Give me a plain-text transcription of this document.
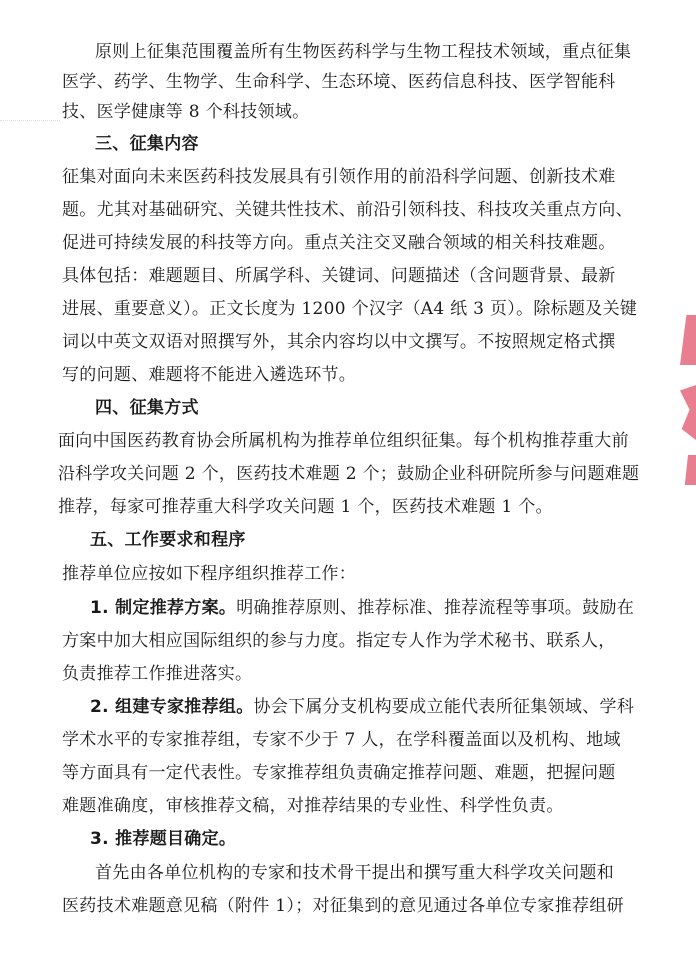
原则上征集范围覆盖所有生物医药科学与生物工程技术领域，重点征集
医学、药学、生物学、生命科学、生态环境、医药信息科技、医学智能科
技、医学健康等 8 个科技领域。
三、征集内容
征集对面向未来医药科技发展具有引领作用的前沿科学问题、创新技术难
题。尤其对基础研究、关键共性技术、前沿引领科技、科技攻关重点方向、
促进可持续发展的科技等方向。重点关注交叉融合领域的相关科技难题。
具体包括：难题题目、所属学科、关键词、问题描述（含问题背景、最新
进展、重要意义）。正文长度为 1200 个汉字（A4 纸 3 页）。除标题及关键
词以中英文双语对照撰写外，其余内容均以中文撰写。不按照规定格式撰
写的问题、难题将不能进入遴选环节。
四、征集方式
面向中国医药教育协会所属机构为推荐单位组织征集。每个机构推荐重大前
沿科学攻关问题 2 个，医药技术难题 2 个；鼓励企业科研院所参与问题难题
推荐，每家可推荐重大科学攻关问题 1 个，医药技术难题 1 个。
五、工作要求和程序
推荐单位应按如下程序组织推荐工作：
1. 制定推荐方案。明确推荐原则、推荐标准、推荐流程等事项。鼓励在
方案中加大相应国际组织的参与力度。指定专人作为学术秘书、联系人，
负责推荐工作推进落实。
2. 组建专家推荐组。协会下属分支机构要成立能代表所征集领域、学科
学术水平的专家推荐组，专家不少于 7 人，在学科覆盖面以及机构、地域
等方面具有一定代表性。专家推荐组负责确定推荐问题、难题，把握问题
难题准确度，审核推荐文稿，对推荐结果的专业性、科学性负责。
3. 推荐题目确定。
首先由各单位机构的专家和技术骨干提出和撰写重大科学攻关问题和
医药技术难题意见稿（附件 1）；对征集到的意见通过各单位专家推荐组研
